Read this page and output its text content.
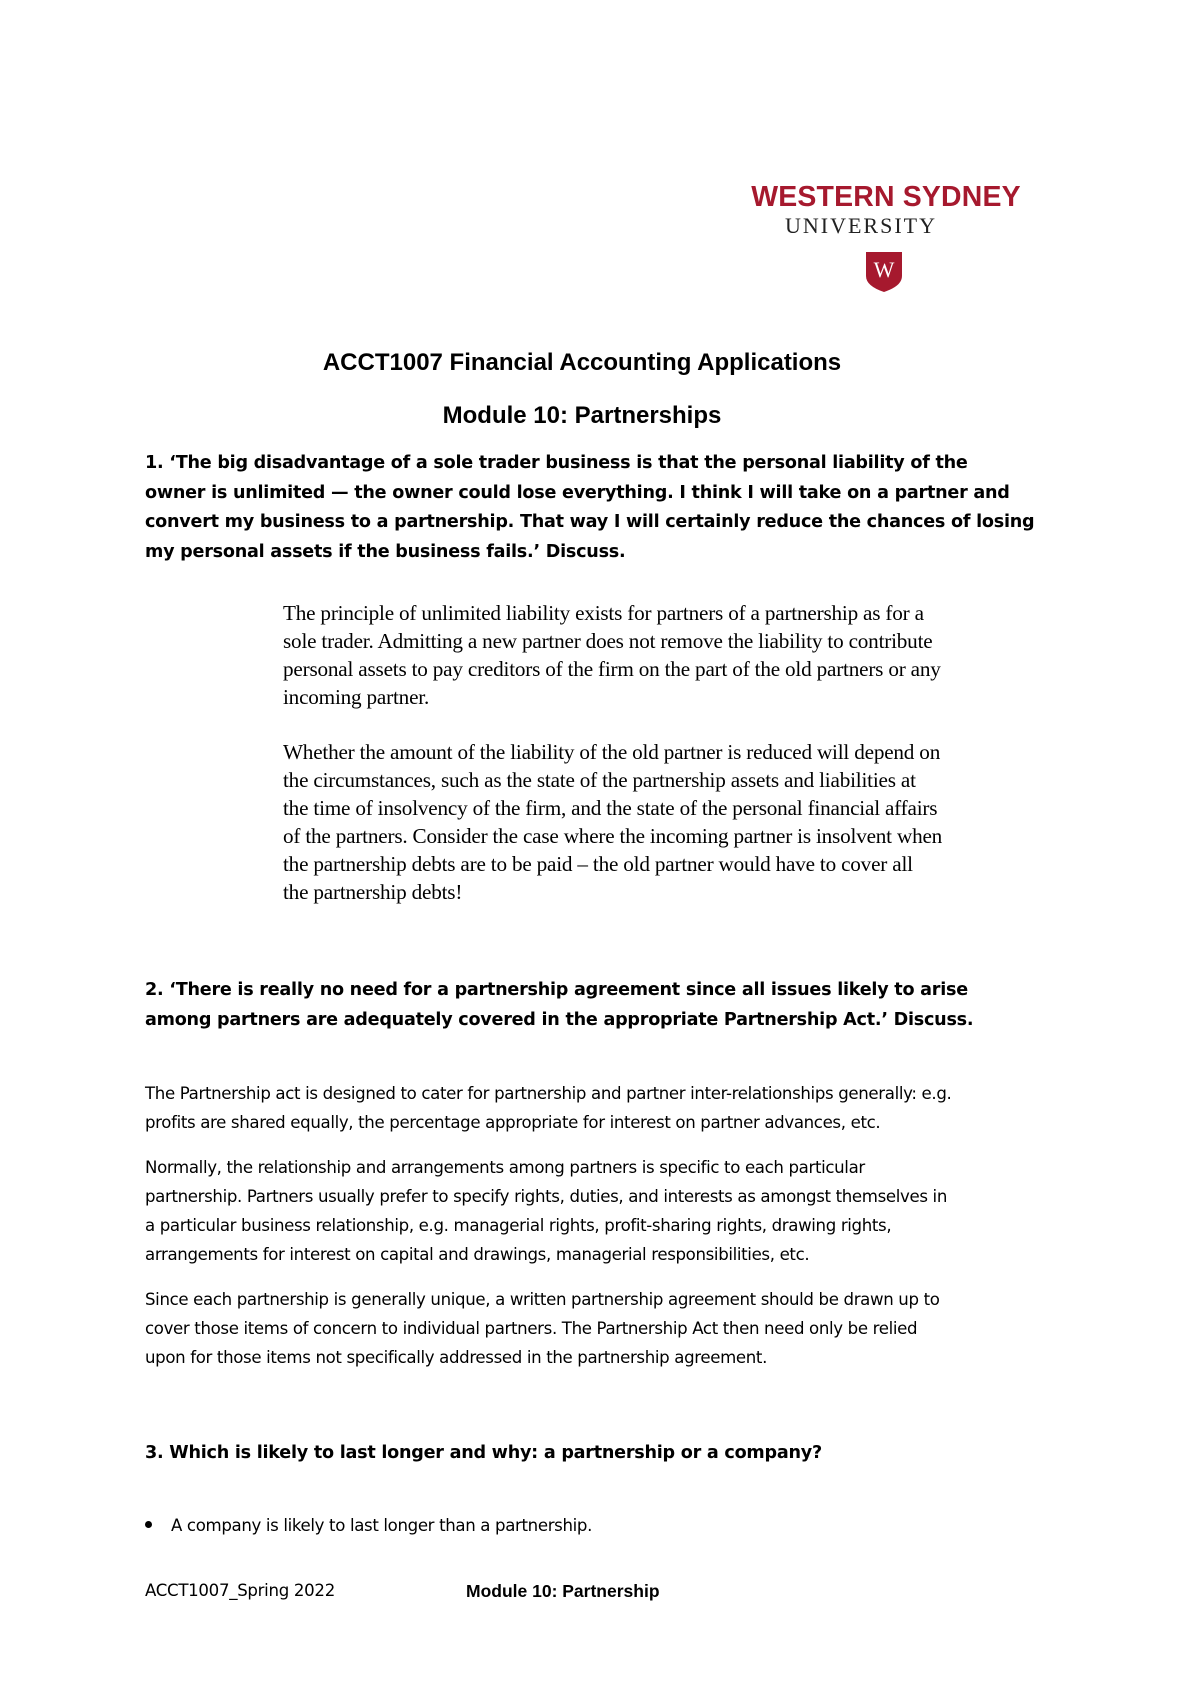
WESTERN SYDNEY
UNIVERSITY
W
ACCT1007 Financial Accounting Applications
Module 10: Partnerships
1. ‘The big disadvantage of a sole trader business is that the personal liability of the
owner is unlimited — the owner could lose everything. I think I will take on a partner and
convert my business to a partnership. That way I will certainly reduce the chances of losing
my personal assets if the business fails.’ Discuss.
The principle of unlimited liability exists for partners of a partnership as for a
sole trader. Admitting a new partner does not remove the liability to contribute
personal assets to pay creditors of the firm on the part of the old partners or any
incoming partner.
Whether the amount of the liability of the old partner is reduced will depend on
the circumstances, such as the state of the partnership assets and liabilities at
the time of insolvency of the firm, and the state of the personal financial affairs
of the partners. Consider the case where the incoming partner is insolvent when
the partnership debts are to be paid – the old partner would have to cover all
the partnership debts!
2. ‘There is really no need for a partnership agreement since all issues likely to arise
among partners are adequately covered in the appropriate Partnership Act.’ Discuss.
The Partnership act is designed to cater for partnership and partner inter-relationships generally: e.g.
profits are shared equally, the percentage appropriate for interest on partner advances, etc.
Normally, the relationship and arrangements among partners is specific to each particular
partnership. Partners usually prefer to specify rights, duties, and interests as amongst themselves in
a particular business relationship, e.g. managerial rights, profit-sharing rights, drawing rights,
arrangements for interest on capital and drawings, managerial responsibilities, etc.
Since each partnership is generally unique, a written partnership agreement should be drawn up to
cover those items of concern to individual partners. The Partnership Act then need only be relied
upon for those items not specifically addressed in the partnership agreement.
3. Which is likely to last longer and why: a partnership or a company?
A company is likely to last longer than a partnership.
ACCT1007_Spring 2022	Module 10: Partnership
